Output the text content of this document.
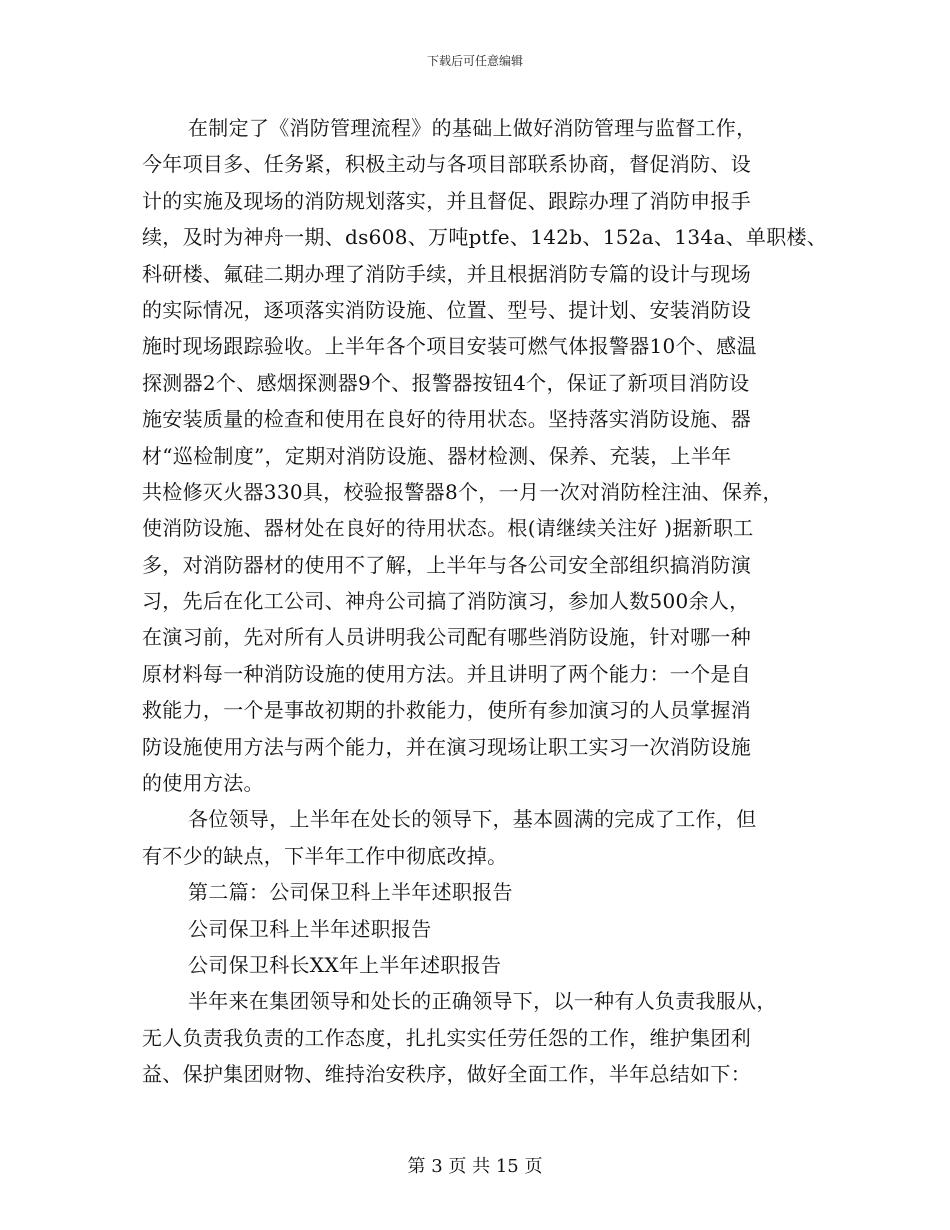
下载后可任意编辑
在制定了《消防管理流程》的基础上做好消防管理与监督工作，
今年项目多、任务紧，积极主动与各项目部联系协商，督促消防、设
计的实施及现场的消防规划落实，并且督促、跟踪办理了消防申报手
续，及时为神舟一期、ds608、万吨ptfe、142b、152a、134a、单职楼、
科研楼、氟硅二期办理了消防手续，并且根据消防专篇的设计与现场
的实际情况，逐项落实消防设施、位置、型号、提计划、安装消防设
施时现场跟踪验收。上半年各个项目安装可燃气体报警器10个、感温
探测器2个、感烟探测器9个、报警器按钮4个，保证了新项目消防设
施安装质量的检查和使用在良好的待用状态。坚持落实消防设施、器
材“巡检制度”，定期对消防设施、器材检测、保养、充装，上半年
共检修灭火器330具，校验报警器8个，一月一次对消防栓注油、保养，
使消防设施、器材处在良好的待用状态。根(请继续关注好 )据新职工
多，对消防器材的使用不了解，上半年与各公司安全部组织搞消防演
习，先后在化工公司、神舟公司搞了消防演习，参加人数500余人，
在演习前，先对所有人员讲明我公司配有哪些消防设施，针对哪一种
原材料每一种消防设施的使用方法。并且讲明了两个能力：一个是自
救能力，一个是事故初期的扑救能力，使所有参加演习的人员掌握消
防设施使用方法与两个能力，并在演习现场让职工实习一次消防设施
的使用方法。
各位领导，上半年在处长的领导下，基本圆满的完成了工作，但
有不少的缺点，下半年工作中彻底改掉。
第二篇：公司保卫科上半年述职报告
公司保卫科上半年述职报告
公司保卫科长XX年上半年述职报告
半年来在集团领导和处长的正确领导下，以一种有人负责我服从，
无人负责我负责的工作态度，扎扎实实任劳任怨的工作，维护集团利
益、保护集团财物、维持治安秩序，做好全面工作，半年总结如下：
第 3 页 共 15 页
